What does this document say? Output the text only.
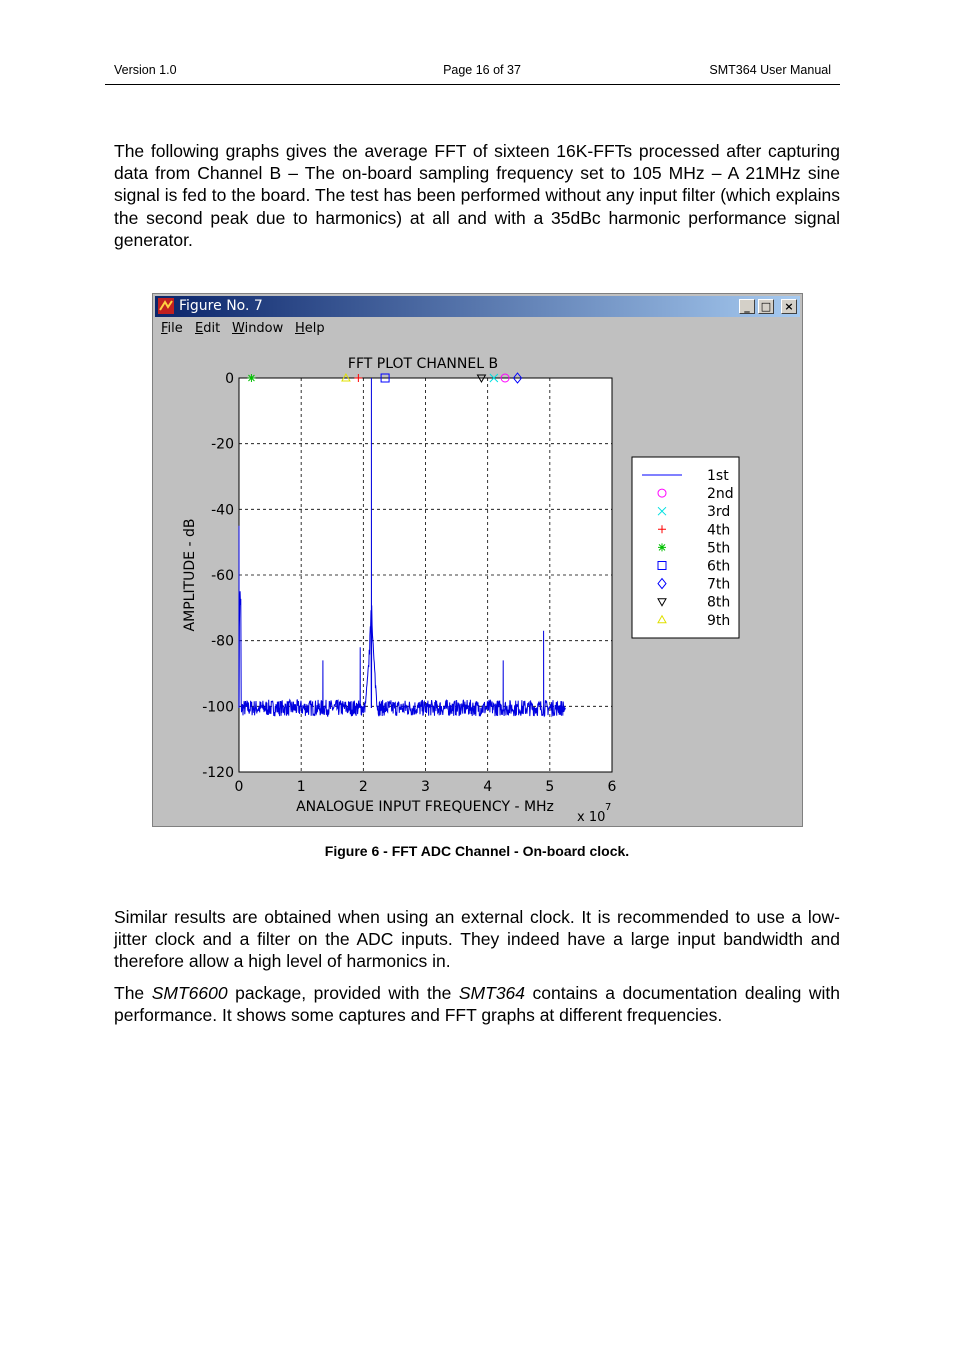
Version 1.0	Page 16 of 37	SMT364 User Manual

The following graphs gives the average FFT of sixteen 16K-FFTs processed after capturing data from Channel B – The on-board sampling frequency set to 105 MHz – A 21MHz sine signal is fed to the board. The test has been performed without any input filter (which explains the second peak due to harmonics) at all and with a 35dBc harmonic performance signal generator.

Figure No. 7	_	□	×
File Edit Window Help
FFT PLOT CHANNEL B
0	1	2	3	4	5	6
0
-20
-40
-60
-80
-100
-120
ANALOGUE INPUT FREQUENCY - MHz
AMPLITUDE - dB
x 10
7
1st
2nd
3rd
4th
5th
6th
7th
8th
9th
Figure 6 - FFT ADC Channel - On-board clock.

Similar results are obtained when using an external clock. It is recommended to use a low-jitter clock and a filter on the ADC inputs. They indeed have a large input bandwidth and therefore allow a high level of harmonics in.

The SMT6600 package, provided with the SMT364 contains a documentation dealing with performance. It shows some captures and FFT graphs at different frequencies.
